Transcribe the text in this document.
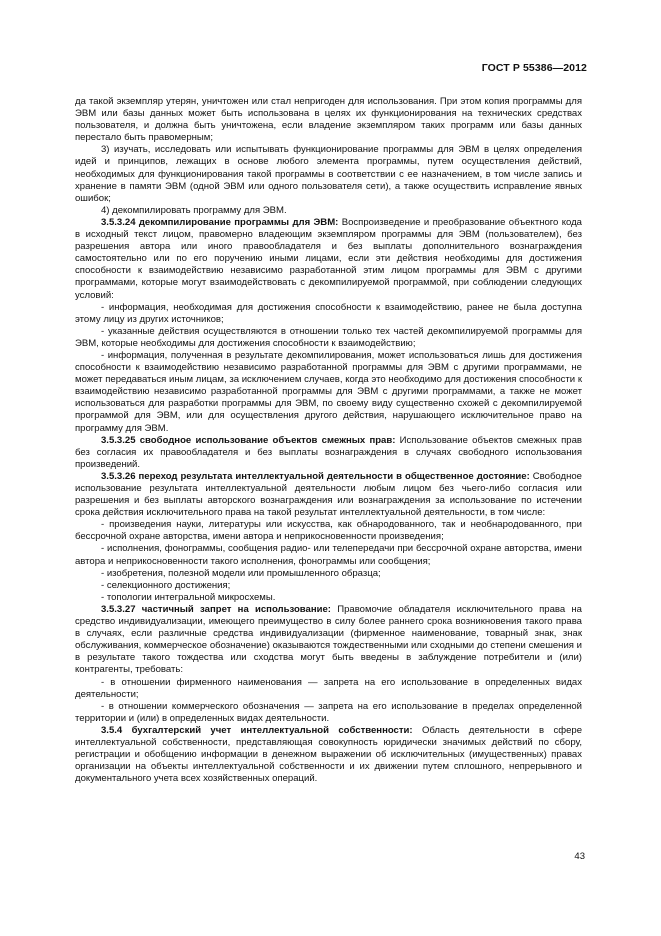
ГОСТ Р 55386—2012

да такой экземпляр утерян, уничтожен или стал непригоден для использования. При этом копия программы для ЭВМ или базы данных может быть использована в целях их функционирования на технических средствах пользователя, и должна быть уничтожена, если владение экземпляром таких программ или базы данных перестало быть правомерным;

3) изучать, исследовать или испытывать функционирование программы для ЭВМ в целях определения идей и принципов, лежащих в основе любого элемента программы, путем осуществления действий, необходимых для функционирования такой программы в соответствии с ее назначением, в том числе запись и хранение в памяти ЭВМ (одной ЭВМ или одного пользователя сети), а также осуществить исправление явных ошибок;

4) декомпилировать программу для ЭВМ.

3.5.3.24 декомпилирование программы для ЭВМ: Воспроизведение и преобразование объектного кода в исходный текст лицом, правомерно владеющим экземпляром программы для ЭВМ (пользователем), без разрешения автора или иного правообладателя и без выплаты дополнительного вознаграждения самостоятельно или по его поручению иными лицами, если эти действия необходимы для достижения способности к взаимодействию независимо разработанной этим лицом программы для ЭВМ с другими программами, которые могут взаимодействовать с декомпилируемой программой, при соблюдении следующих условий:

- информация, необходимая для достижения способности к взаимодействию, ранее не была доступна этому лицу из других источников;

- указанные действия осуществляются в отношении только тех частей декомпилируемой программы для ЭВМ, которые необходимы для достижения способности к взаимодействию;

- информация, полученная в результате декомпилирования, может использоваться лишь для достижения способности к взаимодействию независимо разработанной программы для ЭВМ с другими программами, не может передаваться иным лицам, за исключением случаев, когда это необходимо для достижения способности к взаимодействию независимо разработанной программы для ЭВМ с другими программами, а также не может использоваться для разработки программы для ЭВМ, по своему виду существенно схожей с декомпилируемой программой для ЭВМ, или для осуществления другого действия, нарушающего исключительное право на программу для ЭВМ.

3.5.3.25 свободное использование объектов смежных прав: Использование объектов смежных прав без согласия их правообладателя и без выплаты вознаграждения в случаях свободного использования произведений.

3.5.3.26 переход результата интеллектуальной деятельности в общественное достояние: Свободное использование результата интеллектуальной деятельности любым лицом без чьего-либо согласия или разрешения и без выплаты авторского вознаграждения или вознаграждения за использование по истечении срока действия исключительного права на такой результат интеллектуальной деятельности, в том числе:

- произведения науки, литературы или искусства, как обнародованного, так и необнародованного, при бессрочной охране авторства, имени автора и неприкосновенности произведения;

- исполнения, фонограммы, сообщения радио- или телепередачи при бессрочной охране авторства, имени автора и неприкосновенности такого исполнения, фонограммы или сообщения;

- изобретения, полезной модели или промышленного образца;

- селекционного достижения;

- топологии интегральной микросхемы.

3.5.3.27 частичный запрет на использование: Правомочие обладателя исключительного права на средство индивидуализации, имеющего преимущество в силу более раннего срока возникновения такого права в случаях, если различные средства индивидуализации (фирменное наименование, товарный знак, знак обслуживания, коммерческое обозначение) оказываются тождественными или сходными до степени смешения и в результате такого тождества или сходства могут быть введены в заблуждение потребители и (или) контрагенты, требовать:

- в отношении фирменного наименования — запрета на его использование в определенных видах деятельности;

- в отношении коммерческого обозначения — запрета на его использование в пределах определенной территории и (или) в определенных видах деятельности.

3.5.4 бухгалтерский учет интеллектуальной собственности: Область деятельности в сфере интеллектуальной собственности, представляющая совокупность юридически значимых действий по сбору, регистрации и обобщению информации в денежном выражении об исключительных (имущественных) правах организации на объекты интеллектуальной собственности и их движении путем сплошного, непрерывного и документального учета всех хозяйственных операций.

43
